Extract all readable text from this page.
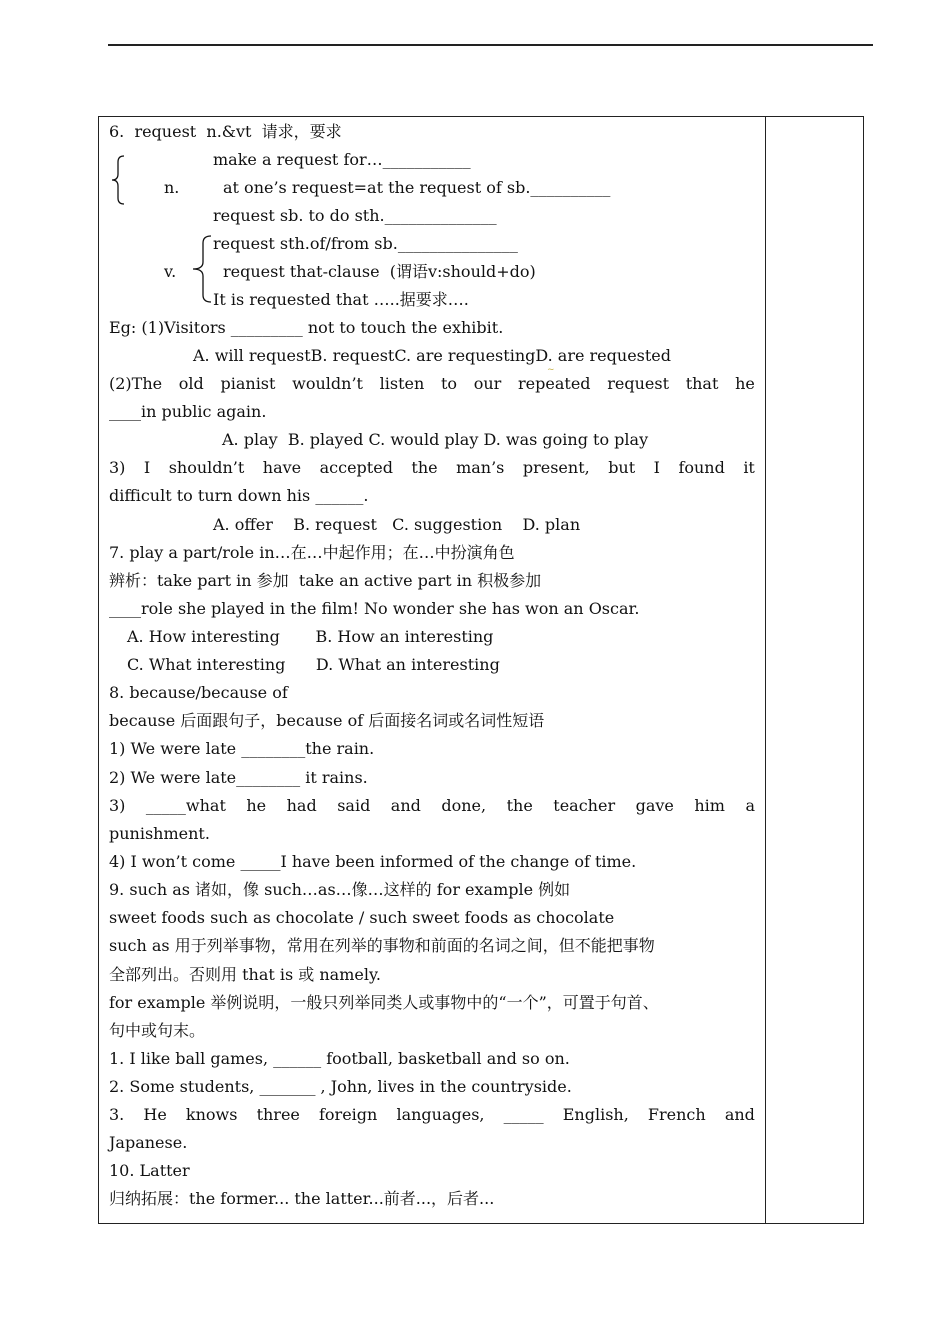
6.  request  n.&vt  请求，要求
make a request for…___________
n.	at one’s request=at the request of sb.__________
request sb. to do sth.______________
request sth.of/from sb._______________
v.	request that-clause  (谓语v:should+do)
It is requested that …..据要求….
Eg: (1)Visitors _________ not to touch the exhibit.
A. will requestB. requestC. are requestingD. are requested
(2)The old pianist wouldn’t listen to our repeated request that he
____in public again.
A. play  B. played C. would play D. was going to play
3) I shouldn’t have accepted the man’s present, but I found it
difficult to turn down his ______.
A. offer    B. request   C. suggestion    D. plan
7. play a part/role in…在…中起作用；在…中扮演角色
辨析：take part in 参加  take an active part in 积极参加
____role she played in the film! No wonder she has won an Oscar.
A. How interesting       B. How an interesting
C. What interesting      D. What an interesting
8. because/because of
because 后面跟句子，because of 后面接名词或名词性短语
1) We were late ________the rain.
2) We were late________ it rains.
3) _____what he had said and done, the teacher gave him a
punishment.
4) I won’t come _____I have been informed of the change of time.
9. such as 诸如，像 such…as…像…这样的 for example 例如
sweet foods such as chocolate / such sweet foods as chocolate
such as 用于列举事物，常用在列举的事物和前面的名词之间，但不能把事物
全部列出。否则用 that is 或 namely.
for example 举例说明，一般只列举同类人或事物中的“一个”，可置于句首、
句中或句末。
1. I like ball games, ______ football, basketball and so on.
2. Some students, _______ , John, lives in the countryside.
3. He knows three foreign languages, _____ English, French and
Japanese.
10. Latter
归纳拓展：the former... the latter...前者...，后者...
~
